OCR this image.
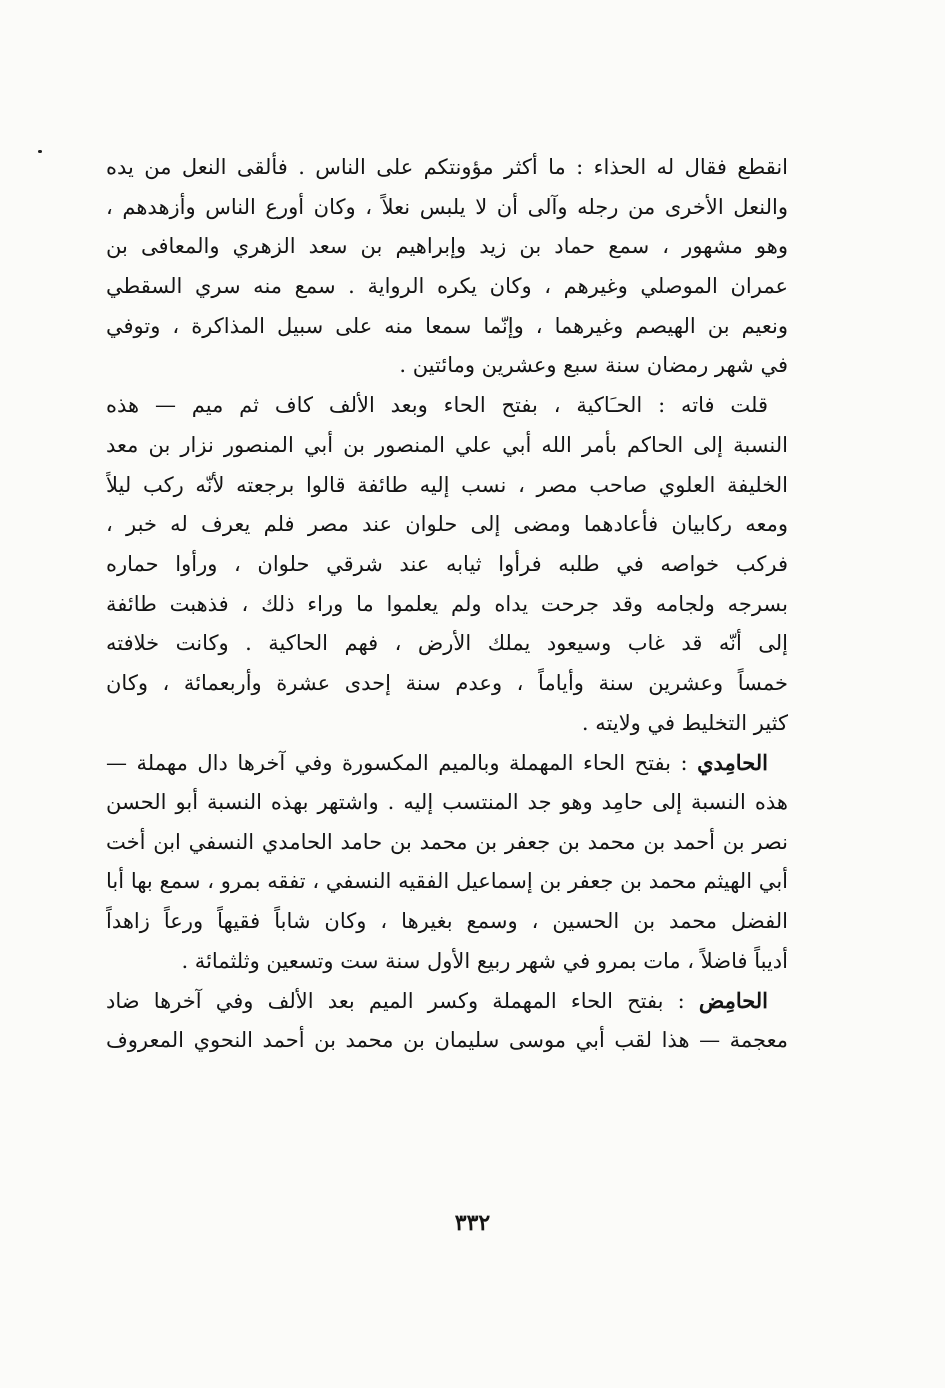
انقطع فقال له الحذاء : ما أكثر مؤونتكم على الناس . فألقى النعل من يده
والنعل الأخرى من رجله وآلى أن لا يلبس نعلاً ، وكان أورع الناس وأزهدهم ،
وهو مشهور ، سمع حماد بن زيد وإبراهيم بن سعد الزهري والمعافى بن
عمران الموصلي وغيرهم ، وكان يكره الرواية . سمع منه سري السقطي
ونعيم بن الهيصم وغيرهما ، وإنّما سمعا منه على سبيل المذاكرة ، وتوفي
في شهر رمضان سنة سبع وعشرين ومائتين .
قلت فاته : الحـَاكية ، بفتح الحاء وبعد الألف كاف ثم ميم — هذه
النسبة إلى الحاكم بأمر الله أبي علي المنصور بن أبي المنصور نزار بن معد
الخليفة العلوي صاحب مصر ، نسب إليه طائفة قالوا برجعته لأنّه ركب ليلاً
ومعه ركابيان فأعادهما ومضى إلى حلوان عند مصر فلم يعرف له خبر ،
فركب خواصه في طلبه فرأوا ثيابه عند شرقي حلوان ، ورأوا حماره
بسرجه ولجامه وقد جرحت يداه ولم يعلموا ما وراء ذلك ، فذهبت طائفة
إلى أنّه قد غاب وسيعود يملك الأرض ، فهم الحاكية . وكانت خلافته
خمساً وعشرين سنة وأياماً ، وعدم سنة إحدى عشرة وأربعمائة ، وكان
كثير التخليط في ولايته .
الحامِدي : بفتح الحاء المهملة وبالميم المكسورة وفي آخرها دال مهملة —
هذه النسبة إلى حامِد وهو جد المنتسب إليه . واشتهر بهذه النسبة أبو الحسن
نصر بن أحمد بن محمد بن جعفر بن محمد بن حامد الحامدي النسفي ابن أخت
أبي الهيثم محمد بن جعفر بن إسماعيل الفقيه النسفي ، تفقه بمرو ، سمع بها أبا
الفضل محمد بن الحسين ، وسمع بغيرها ، وكان شاباً فقيهاً ورعاً زاهداً
أديباً فاضلاً ، مات بمرو في شهر ربيع الأول سنة ست وتسعين وثلثمائة .
الحامِض : بفتح الحاء المهملة وكسر الميم بعد الألف وفي آخرها ضاد
معجمة — هذا لقب أبي موسى سليمان بن محمد بن أحمد النحوي المعروف
٣٣٢
